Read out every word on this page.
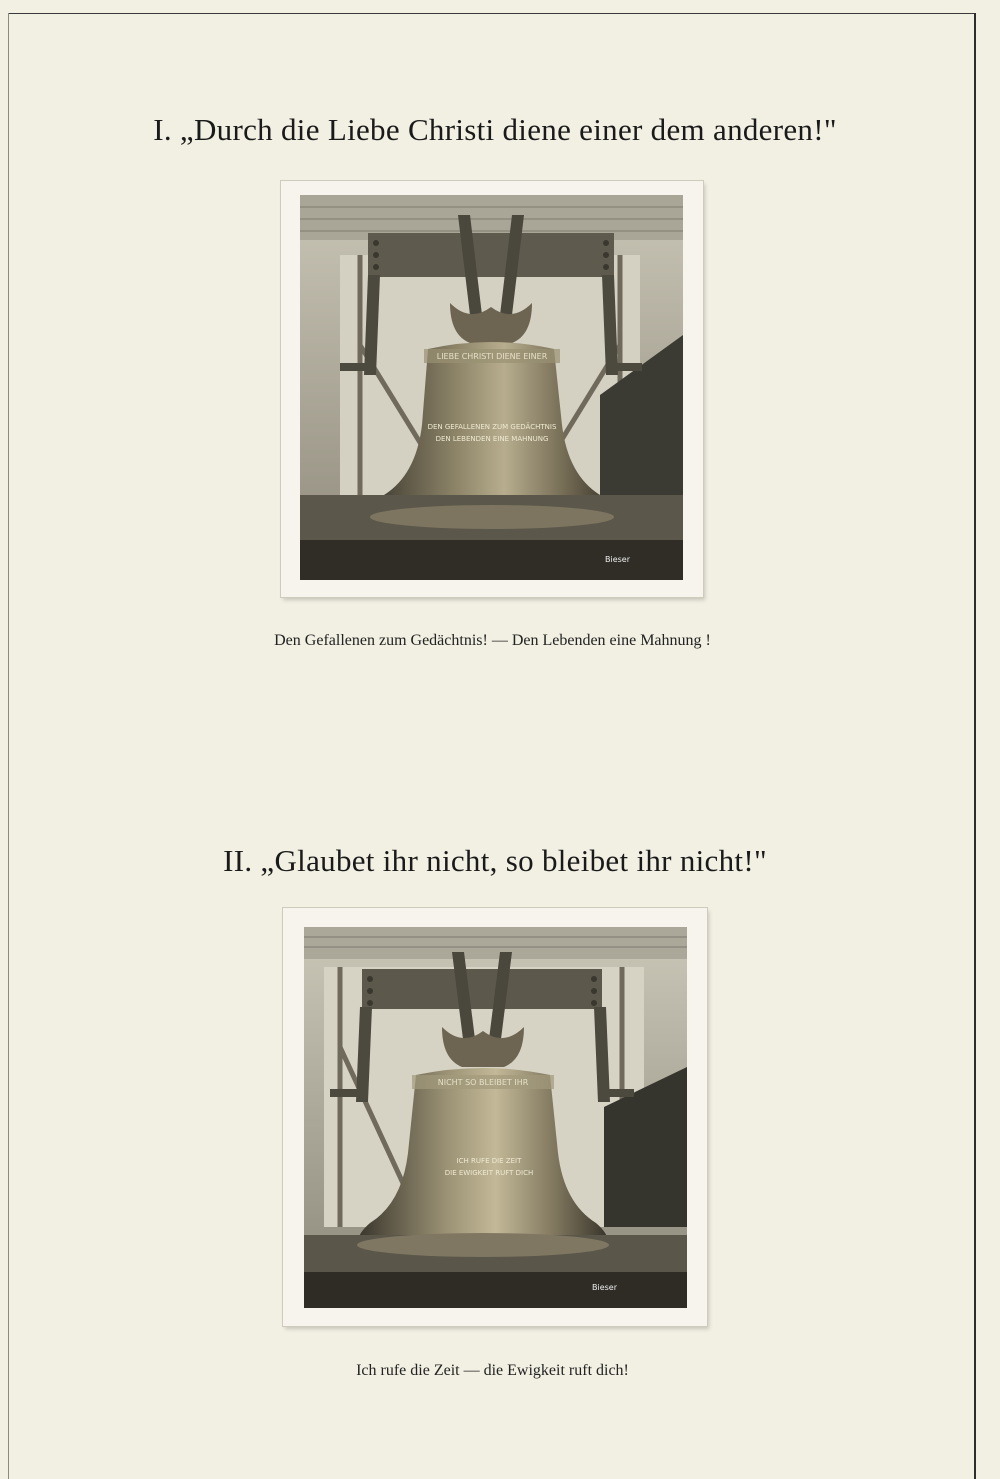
I. „Durch die Liebe Christi diene einer dem anderen!"
LIEBE CHRISTI DIENE EINER
DEN GEFALLENEN ZUM GEDÄCHTNIS
DEN LEBENDEN EINE MAHNUNG
Bieser
Den Gefallenen zum Gedächtnis! — Den Lebenden eine Mahnung !
II. „Glaubet ihr nicht, so bleibet ihr nicht!"
NICHT SO BLEIBET IHR
ICH RUFE DIE ZEIT
DIE EWIGKEIT RUFT DICH
Bieser
Ich rufe die Zeit — die Ewigkeit ruft dich!
